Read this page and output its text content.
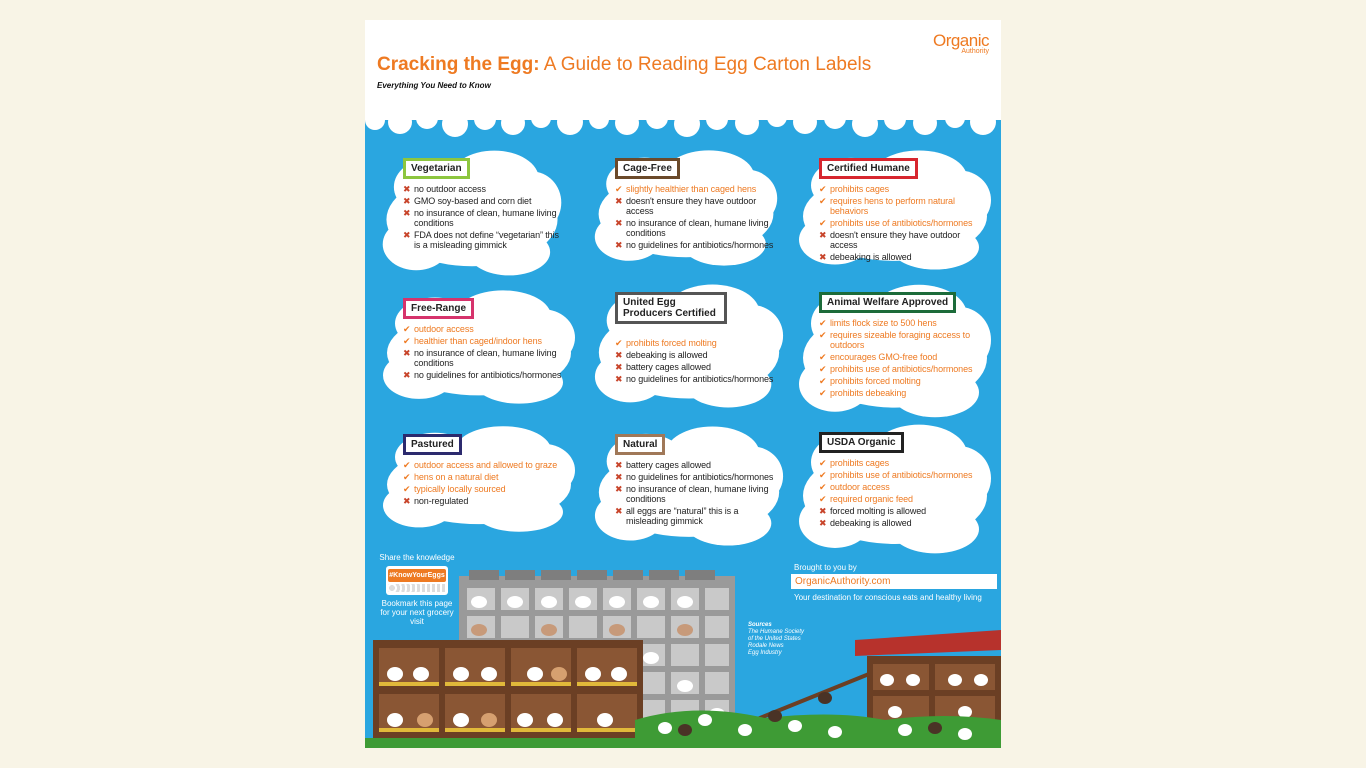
Organic
Authority
Cracking the Egg: A Guide to Reading Egg Carton Labels
Everything You Need to Know
Vegetarian
✖ no outdoor access
✖ GMO soy-based and corn diet
✖ no insurance of clean, humane living conditions
✖ FDA does not define “vegetarian” this is a misleading gimmick
Cage-Free
✔ slightly healthier than caged hens
✖ doesn't ensure they have outdoor access
✖ no insurance of clean, humane living conditions
✖ no guidelines for antibiotics/hormones
Certified Humane
✔ prohibits cages
✔ requires hens to perform natural behaviors
✔ prohibits use of antibiotics/hormones
✖ doesn't ensure they have outdoor access
✖ debeaking is allowed
Free-Range
✔ outdoor access
✔ healthier than caged/indoor hens
✖ no insurance of clean, humane living conditions
✖ no guidelines for antibiotics/hormones
United Egg Producers Certified
✔ prohibits forced molting
✖ debeaking is allowed
✖ battery cages allowed
✖ no guidelines for antibiotics/hormones
Animal Welfare Approved
✔ limits flock size to 500 hens
✔ requires sizeable foraging access to outdoors
✔ encourages GMO-free food
✔ prohibits use of antibiotics/hormones
✔ prohibits forced molting
✔ prohibits debeaking
Pastured
✔ outdoor access and allowed to graze
✔ hens on a natural diet
✔ typically locally sourced
✖ non-regulated
Natural
✖ battery cages allowed
✖ no guidelines for antibiotics/hormones
✖ no insurance of clean, humane living conditions
✖ all eggs are “natural” this is a misleading gimmick
USDA Organic
✔ prohibits cages
✔ prohibits use of antibiotics/hormones
✔ outdoor access
✔ required organic feed
✖ forced molting is allowed
✖ debeaking is allowed
Share the knowledge
#KnowYourEggs
Bookmark this page for your next grocery visit
Brought to you by
OrganicAuthority.com
Your destination for conscious eats and healthy living
Sources
The Humane Society
of the United States
Rodale News
Egg Industry
